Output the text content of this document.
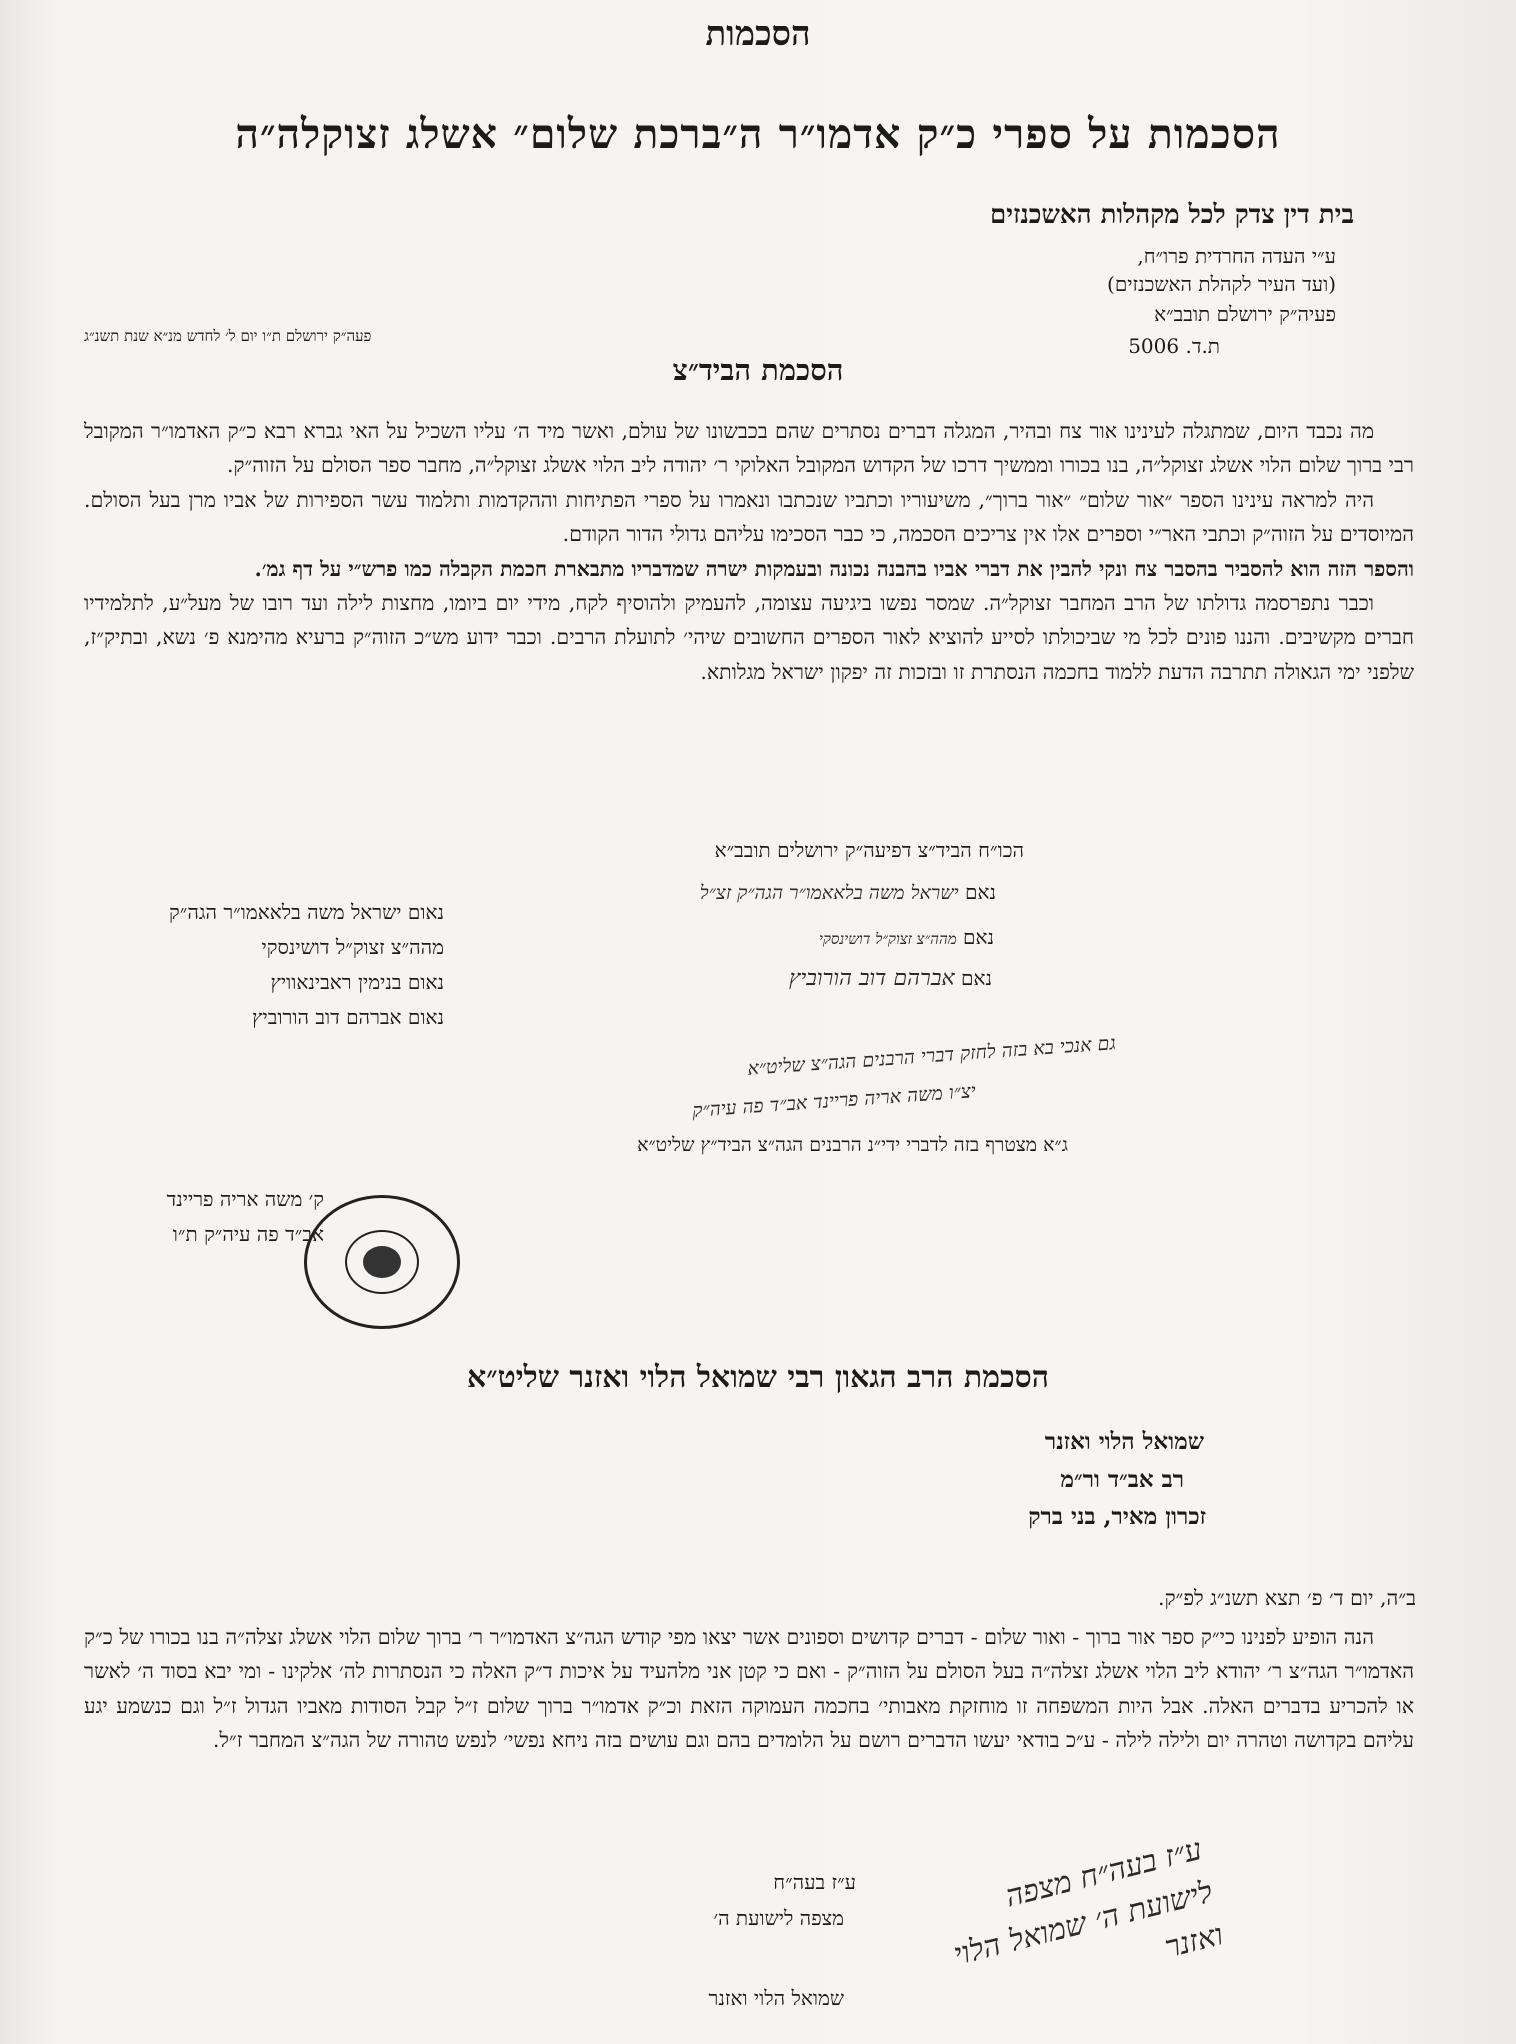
הסכמות
הסכמות על ספרי כ״ק אדמו״ר ה״ברכת שלום״ אשלג זצוקלה״ה
בית דין צדק לכל מקהלות האשכנזים
ע״י העדה החרדית פרו״ח,
(ועד העיר לקהלת האשכנזים)
פעיה״ק ירושלם תובב״א
ת.ד. 5006
פעה״ק ירושלם ת״ו יום ל׳ לחדש מנ״א שנת תשנ״ג
הסכמת הביד״צ

מה נכבד היום, שמתגלה לעינינו אור צח ובהיר, המגלה דברים נסתרים שהם בכבשונו של עולם, ואשר מיד ה׳ עליו השכיל על האי גברא רבא כ״ק האדמו״ר המקובל רבי ברוך שלום הלוי אשלג זצוקל״ה, בנו בכורו וממשיך דרכו של הקדוש המקובל האלוקי ר׳ יהודה ליב הלוי אשלג זצוקל״ה, מחבר ספר הסולם על הזוה״ק.

היה למראה עינינו הספר ״אור שלום״ ״אור ברוך״, משיעוריו וכתביו שנכתבו ונאמרו על ספרי הפתיחות וההקדמות ותלמוד עשר הספירות של אביו מרן בעל הסולם. המיוסדים על הזוה״ק וכתבי האר״י וספרים אלו אין צריכים הסכמה, כי כבר הסכימו עליהם גדולי הדור הקודם.

והספר הזה הוא להסביר בהסבר צח ונקי להבין את דברי אביו בהבנה נכונה ובעמקות ישרה שמדבריו מתבארת חכמת הקבלה כמו פרש״י על דף גמ׳.

וכבר נתפרסמה גדולתו של הרב המחבר זצוקל״ה. שמסר נפשו ביגיעה עצומה, להעמיק ולהוסיף לקח, מידי יום ביומו, מחצות לילה ועד רובו של מעל״ע, לתלמידיו חברים מקשיבים. והננו פונים לכל מי שביכולתו לסייע להוציא לאור הספרים החשובים שיהי׳ לתועלת הרבים. וכבר ידוע מש״כ הזוה״ק ברעיא מהימנא פ׳ נשא, ובתיק״ז, שלפני ימי הגאולה תתרבה הדעת ללמוד בחכמה הנסתרת זו ובזכות זה יפקון ישראל מגלותא.

הכו״ח הביד״צ דפיעה״ק ירושלים תובב״א
נאם ישראל משה בלאאמו״ר הגה״ק זצ״ל
נאם מהה״צ זצוק״ל דושינסקי
נאם אברהם דוב הורוביץ
גם אנכי בא בזה לחזק דברי הרבנים הגה״צ שליט״א
יצ״ו משה אריה פריינד אב״ד פה עיה״ק
ג״א מצטרף בזה לדברי ידי״נ הרבנים הגה״צ הביד״ץ שליט״א
נאום ישראל משה בלאאמו״ר הגה״ק
מהה״צ זצוק״ל דושינסקי
נאום בנימין ראבינאוויץ
נאום אברהם דוב הורוביץ
ק׳ משה אריה פריינד
אב״ד פה עיה״ק ת״ו
הסכמת הרב הגאון רבי שמואל הלוי ואזנר שליט״א
שמואל הלוי ואזנר
רב אב״ד ור״מ
זכרון מאיר, בני ברק
ב״ה, יום ד׳ פ׳ תצא תשנ״ג לפ״ק.

הנה הופיע לפנינו כי״ק ספר אור ברוך - ואור שלום - דברים קדושים וספונים אשר יצאו מפי קודש הגה״צ האדמו״ר ר׳ ברוך שלום הלוי אשלג זצלה״ה בנו בכורו של כ״ק האדמו״ר הגה״צ ר׳ יהודא ליב הלוי אשלג זצלה״ה בעל הסולם על הזוה״ק - ואם כי קטן אני מלהעיד על איכות ד״ק האלה כי הנסתרות לה׳ אלקינו - ומי יבא בסוד ה׳ לאשר או להכריע בדברים האלה. אבל היות המשפחה זו מוחזקת מאבותי׳ בחכמה העמוקה הזאת וכ״ק אדמו״ר ברוך שלום ז״ל קבל הסודות מאביו הגדול ז״ל וגם כנשמע יגע עליהם בקדושה וטהרה יום ולילה לילה - ע״כ בודאי יעשו הדברים רושם על הלומדים בהם וגם עושים בזה ניחא נפשי׳ לנפש טהורה של הגה״צ המחבר ז״ל.

ע״ז בעה״ח
מצפה לישועת ה׳
שמואל הלוי ואזנר
ע״ז בעה״ח מצפה לישועת ה׳ שמואל הלוי ואזנר
